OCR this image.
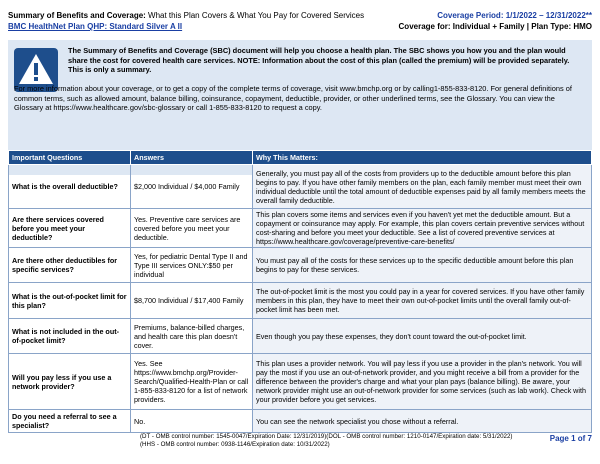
Summary of Benefits and Coverage: What this Plan Covers & What You Pay for Covered Services
BMC HealthNet Plan QHP: Standard Silver A II
Coverage Period: 1/1/2022 – 12/31/2022**
Coverage for: Individual + Family | Plan Type: HMO
The Summary of Benefits and Coverage (SBC) document will help you choose a health plan. The SBC shows you how you and the plan would share the cost for covered health care services. NOTE: Information about the cost of this plan (called the premium) will be provided separately. This is only a summary.
For more information about your coverage, or to get a copy of the complete terms of coverage, visit www.bmchp.org or by calling1-855-833-8120. For general definitions of common terms, such as allowed amount, balance billing, coinsurance, copayment, deductible, provider, or other underlined terms, see the Glossary. You can view the Glossary at https://www.healthcare.gov/sbc-glossary or call 1-855-833-8120 to request a copy.
Important Questions	Answers	Why This Matters:
What is the overall deductible?	$2,000 Individual / $4,000 Family	Generally, you must pay all of the costs from providers up to the deductible amount before this plan begins to pay. If you have other family members on the plan, each family member must meet their own individual deductible until the total amount of deductible expenses paid by all family members meets the overall family deductible.
Are there services covered before you meet your deductible?	Yes. Preventive care services are covered before you meet your deductible.	This plan covers some items and services even if you haven't yet met the deductible amount. But a copayment or coinsurance may apply. For example, this plan covers certain preventive services without cost-sharing and before you meet your deductible. See a list of covered preventive services at https://www.healthcare.gov/coverage/preventive-care-benefits/
Are there other deductibles for specific services?	Yes, for pediatric Dental Type II and Type III services ONLY:$50 per individual	You must pay all of the costs for these services up to the specific deductible amount before this plan begins to pay for these services.
What is the out-of-pocket limit for this plan?	$8,700 Individual / $17,400 Family	The out-of-pocket limit is the most you could pay in a year for covered services. If you have other family members in this plan, they have to meet their own out-of-pocket limits until the overall family out-of-pocket limit has been met.
What is not included in the out-of-pocket limit?	Premiums, balance-billed charges, and health care this plan doesn't cover.	Even though you pay these expenses, they don't count toward the out-of-pocket limit.
Will you pay less if you use a network provider?	Yes. See https://www.bmchp.org/Provider-Search/Qualified-Health-Plan or call 1-855-833-8120 for a list of network providers.	This plan uses a provider network. You will pay less if you use a provider in the plan's network. You will pay the most if you use an out-of-network provider, and you might receive a bill from a provider for the difference between the provider's charge and what your plan pays (balance billing). Be aware, your network provider might use an out-of-network provider for some services (such as lab work). Check with your provider before you get services.
Do you need a referral to see a specialist?	No.	You can see the network specialist you chose without a referral.
(DT - OMB control number: 1545-0047/Expiration Date: 12/31/2019)(DOL - OMB control number: 1210-0147/Expiration date: 5/31/2022)
(HHS - OMB control number: 0938-1146/Expiration date: 10/31/2022)
Page 1 of 7
